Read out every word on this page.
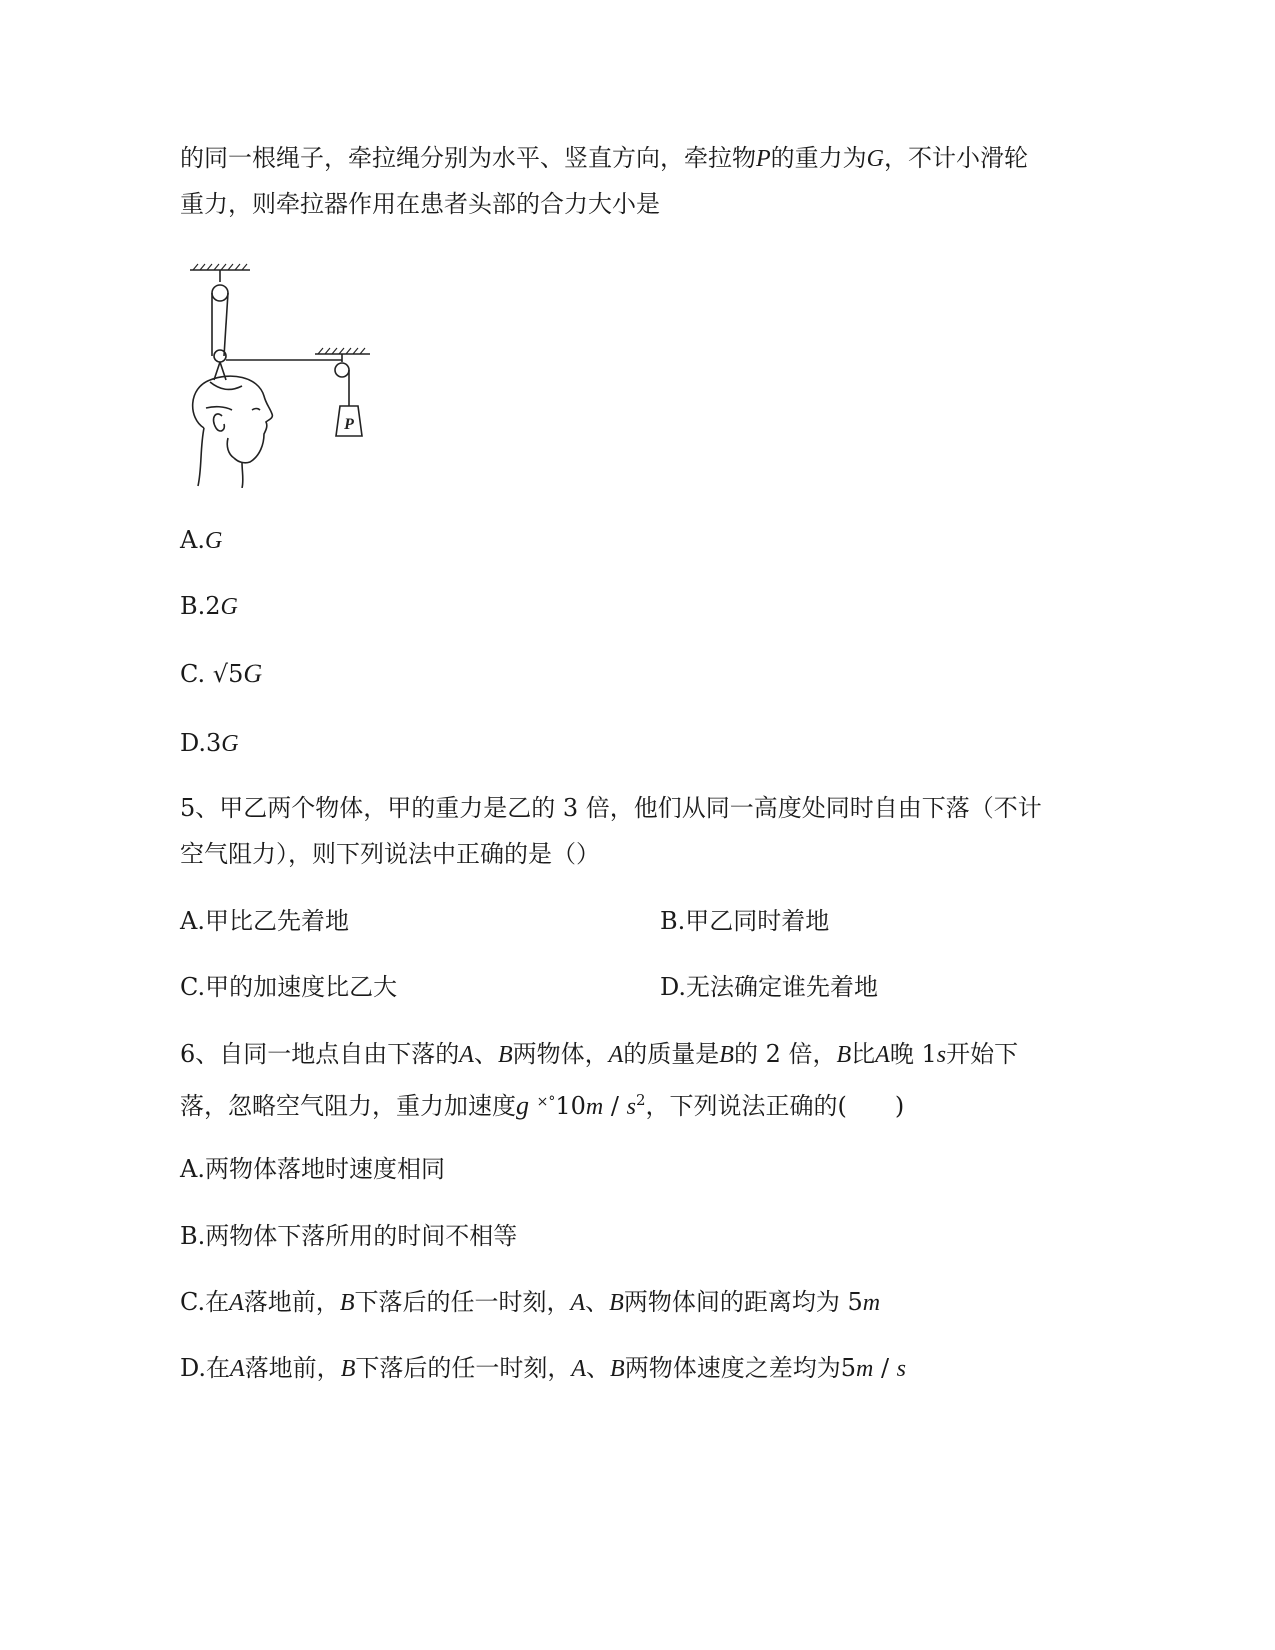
的同一根绳子，牵拉绳分别为水平、竖直方向，牵拉物P的重力为G，不计小滑轮
重力，则牵拉器作用在患者头部的合力大小是
P
A.G
B.2G
C. √5G
D.3G
5、甲乙两个物体，甲的重力是乙的 3 倍，他们从同一高度处同时自由下落（不计
空气阻力），则下列说法中正确的是（）
A.甲比乙先着地	B.甲乙同时着地
C.甲的加速度比乙大	D.无法确定谁先着地
6、自同一地点自由下落的A、B两物体，A的质量是B的 2 倍，B比A晚 1s开始下
落，忽略空气阻力，重力加速度g $^{\times^\circ}10m / s^2$，下列说法正确的(　　)
A.两物体落地时速度相同
B.两物体下落所用的时间不相等
C.在A落地前，B下落后的任一时刻，A、B两物体间的距离均为 5m
D.在A落地前，B下落后的任一时刻，A、B两物体速度之差均为5m / s
